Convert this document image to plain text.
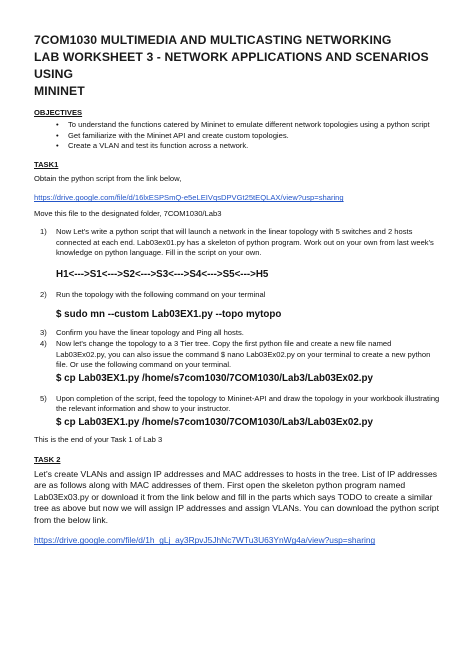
7COM1030 MULTIMEDIA AND MULTICASTING NETWORKING
LAB WORKSHEET 3 - NETWORK APPLICATIONS AND SCENARIOS USING
MININET
OBJECTIVES
• To understand the functions catered by Mininet to emulate different network topologies using a python script
• Get familiarize with the Mininet API and create custom topologies.
• Create a VLAN and test its function across a network.
TASK1
Obtain the python script from the link below,
https://drive.google.com/file/d/16lxESPSmQ-e5eLEIVqsDPVGt25tEQLAX/view?usp=sharing
Move this file to the designated folder, 7COM1030/Lab3
1) Now Let's write a python script that will launch a network in the linear topology with 5 switches and 2 hosts connected at each end. Lab03ex01.py has a skeleton of python program. Work out on your own from last week's knowledge on python language. Fill in the script on your own.
H1<--->S1<--->S2<--->S3<--->S4<--->S5<--->H5
2) Run the topology with the following command on your terminal
$ sudo mn --custom Lab03EX1.py --topo mytopo
3) Confirm you have the linear topology and Ping all hosts.
4) Now let's change the topology to a 3 Tier tree. Copy the first python file and create a new file named Lab03Ex02.py, you can also issue the command $ nano Lab03Ex02.py on your terminal to create a new python file. Or use the following command on your terminal.
$ cp Lab03EX1.py /home/s7com1030/7COM1030/Lab3/Lab03Ex02.py
5) Upon completion of the script, feed the topology to Mininet-API and draw the topology in your workbook illustrating the relevant information and show to your instructor.
$ cp Lab03EX1.py /home/s7com1030/7COM1030/Lab3/Lab03Ex02.py
This is the end of your Task 1 of Lab 3
TASK 2
Let's create VLANs and assign IP addresses and MAC addresses to hosts in the tree. List of IP addresses are as follows along with MAC addresses of them. First open the skeleton python program named Lab03Ex03.py or download it from the link below and fill in the parts which says TODO to create a similar tree as above but now we will assign IP addresses and assign VLANs. You can download the python script from the below link.
https://drive.google.com/file/d/1h_gLj_ay3RpvJ5JhNc7WTu3U63YnWg4a/view?usp=sharing
